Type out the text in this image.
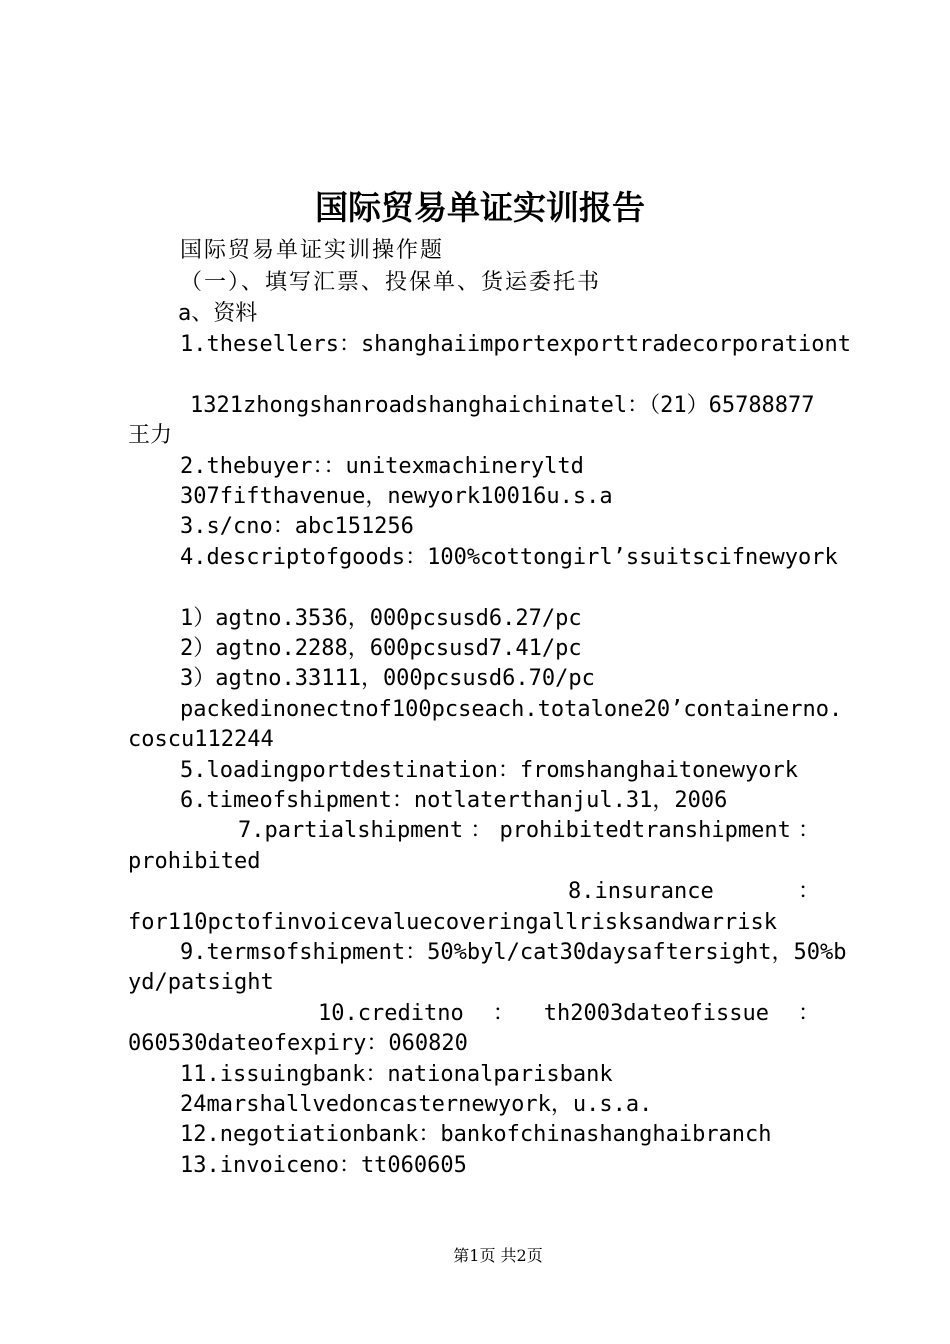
国际贸易单证实训报告
国际贸易单证实训操作题
（一）、填写汇票、投保单、货运委托书
a、资料
1.thesellers：shanghaiimportexporttradecorporationt
1321zhongshanroadshanghaichinatel：（21）65788877
王力
2.thebuyer：：unitexmachineryltd
307fifthavenue，newyork10016u.s.a
3.s/cno：abc151256
4.descriptofgoods：100%cottongirl’ssuitscifnewyork
1）agtno.3536，000pcsusd6.27/pc
2）agtno.2288，600pcsusd7.41/pc
3）agtno.33111，000pcsusd6.70/pc
packedinonectnof100pcseach.totalone20’containerno.
coscu112244
5.loadingportdestination：fromshanghaitonewyork
6.timeofshipment：notlaterthanjul.31，2006
7.partialshipment ： prohibitedtranshipment ：
prohibited
8.insurance	：
for110pctofinvoicevaluecoveringallrisksandwarrisk
9.termsofshipment：50%byl/cat30daysaftersight，50%b
yd/patsight
10.creditno ： th2003dateofissue ：
060530dateofexpiry：060820
11.issuingbank：nationalparisbank
24marshallvedoncasternewyork，u.s.a.
12.negotiationbank：bankofchinashanghaibranch
13.invoiceno：tt060605
第1页 共2页
